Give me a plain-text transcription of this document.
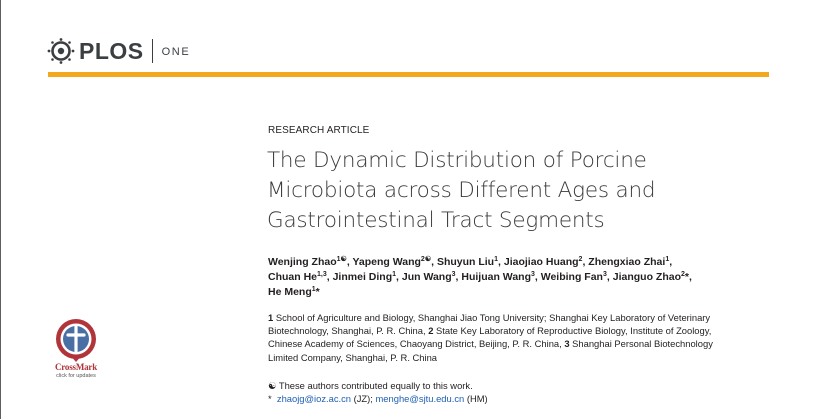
PLOS ONE
RESEARCH ARTICLE
The Dynamic Distribution of Porcine
Microbiota across Different Ages and
Gastrointestinal Tract Segments
Wenjing Zhao$^{1☯}$, Yapeng Wang$^{2☯}$, Shuyun Liu$^1$, Jiaojiao Huang$^2$, Zhengxiao Zhai$^1$,
Chuan He$^{1,3}$, Jinmei Ding$^1$, Jun Wang$^3$, Huijuan Wang$^3$, Weibing Fan$^3$, Jianguo Zhao$^2$*,
He Meng$^1$*
1 School of Agriculture and Biology, Shanghai Jiao Tong University; Shanghai Key Laboratory of Veterinary
Biotechnology, Shanghai, P. R. China, 2 State Key Laboratory of Reproductive Biology, Institute of Zoology,
Chinese Academy of Sciences, Chaoyang District, Beijing, P. R. China, 3 Shanghai Personal Biotechnology
Limited Company, Shanghai, P. R. China
☯ These authors contributed equally to this work.
* zhaojg@ioz.ac.cn (JZ); menghe@sjtu.edu.cn (HM)
CrossMark
click for updates
